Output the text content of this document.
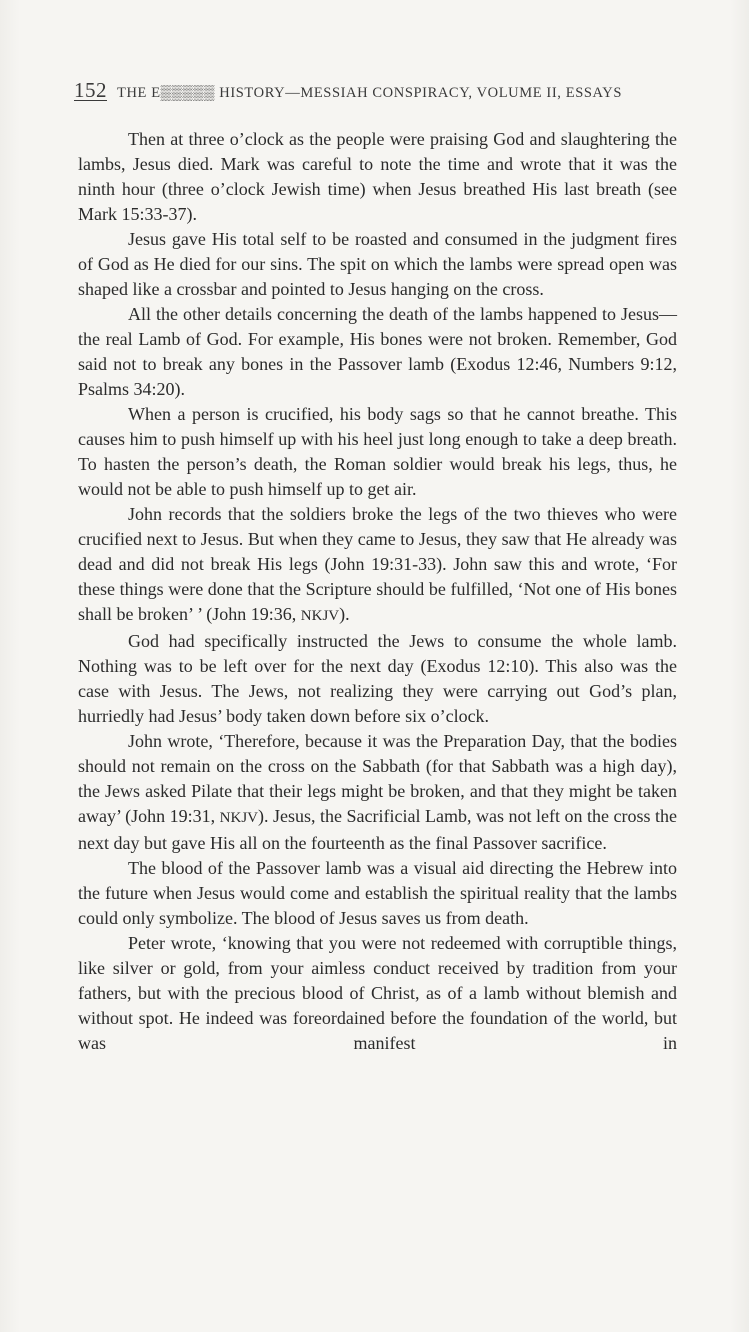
152 THE E▒▒▒▒▒ HISTORY—MESSIAH CONSPIRACY, VOLUME II, ESSAYS

Then at three o’clock as the people were praising God and slaughtering the lambs, Jesus died. Mark was careful to note the time and wrote that it was the ninth hour (three o’clock Jewish time) when Jesus breathed His last breath (see Mark 15:33-37).

Jesus gave His total self to be roasted and consumed in the judgment fires of God as He died for our sins. The spit on which the lambs were spread open was shaped like a crossbar and pointed to Jesus hanging on the cross.

All the other details concerning the death of the lambs happened to Jesus—the real Lamb of God. For example, His bones were not broken. Remember, God said not to break any bones in the Passover lamb (Exodus 12:46, Numbers 9:12, Psalms 34:20).

When a person is crucified, his body sags so that he cannot breathe. This causes him to push himself up with his heel just long enough to take a deep breath. To hasten the person’s death, the Roman soldier would break his legs, thus, he would not be able to push himself up to get air.

John records that the soldiers broke the legs of the two thieves who were crucified next to Jesus. But when they came to Jesus, they saw that He already was dead and did not break His legs (John 19:31-33). John saw this and wrote, ‘For these things were done that the Scripture should be fulfilled, ‘Not one of His bones shall be broken’ ’ (John 19:36, NKJV).

God had specifically instructed the Jews to consume the whole lamb. Nothing was to be left over for the next day (Exodus 12:10). This also was the case with Jesus. The Jews, not realizing they were carrying out God’s plan, hurriedly had Jesus’ body taken down before six o’clock.

John wrote, ‘Therefore, because it was the Preparation Day, that the bodies should not remain on the cross on the Sabbath (for that Sabbath was a high day), the Jews asked Pilate that their legs might be broken, and that they might be taken away’ (John 19:31, NKJV). Jesus, the Sacrificial Lamb, was not left on the cross the next day but gave His all on the fourteenth as the final Passover sacrifice.

The blood of the Passover lamb was a visual aid directing the Hebrew into the future when Jesus would come and establish the spiritual reality that the lambs could only symbolize. The blood of Jesus saves us from death.

Peter wrote, ‘knowing that you were not redeemed with corruptible things, like silver or gold, from your aimless conduct received by tradition from your fathers, but with the precious blood of Christ, as of a lamb without blemish and without spot. He indeed was foreordained before the foundation of the world, but was manifest in
